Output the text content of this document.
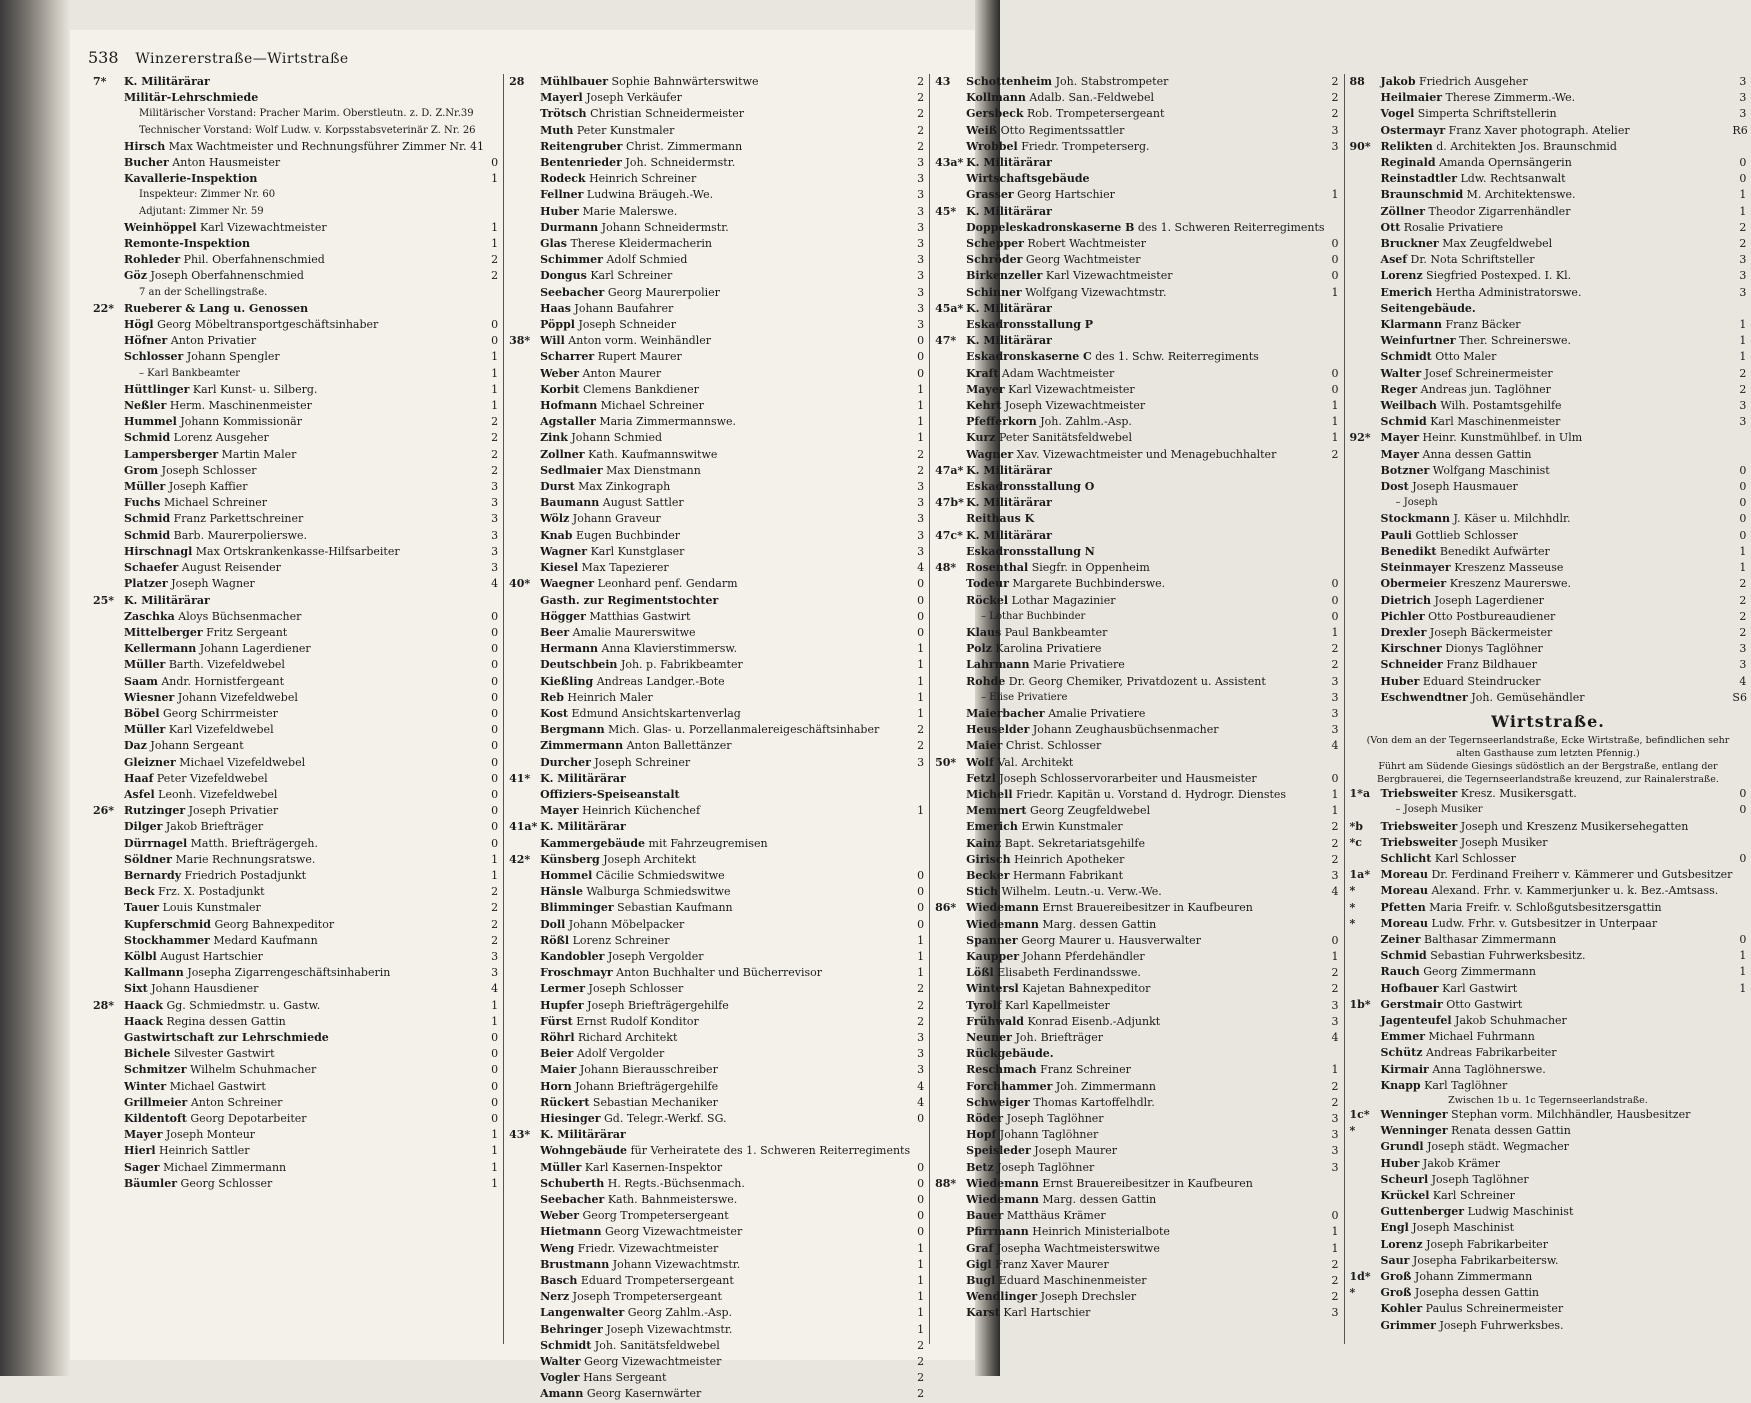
538 Winzererstraße—Wirtstraße
7*	K. Militärärar
Militär-Lehrschmiede
Militärischer Vorstand: Pracher Marim. Oberstleutn. z. D. Z.Nr.39
Technischer Vorstand: Wolf Ludw. v. Korpsstabsveterinär Z. Nr. 26
Hirsch Max Wachtmeister und Rechnungsführer Zimmer Nr. 41
Bucher Anton Hausmeister	0
Kavallerie-Inspektion	1
Inspekteur: Zimmer Nr. 60
Adjutant: Zimmer Nr. 59
Weinhöppel Karl Vizewachtmeister	1
Remonte-Inspektion	1
Rohleder Phil. Oberfahnenschmied	2
Göz Joseph Oberfahnenschmied	2
7 an der Schellingstraße.
22* Rueberer & Lang u. Genossen
Högl Georg Möbeltransportgeschäftsinhaber	0
Höfner Anton Privatier	0
Schlosser Johann Spengler	1
– Karl Bankbeamter	1
Hüttlinger Karl Kunst- u. Silberg.	1
Neßler Herm. Maschinenmeister	1
Hummel Johann Kommissionär	2
Schmid Lorenz Ausgeher	2
Lampersberger Martin Maler	2
Grom Joseph Schlosser	2
Müller Joseph Kaffier	3
Fuchs Michael Schreiner	3
Schmid Franz Parkettschreiner	3
Schmid Barb. Maurerpolierswe.	3
Hirschnagl Max Ortskrankenkasse-Hilfsarbeiter	3
Schaefer August Reisender	3
Platzer Joseph Wagner	4
25* K. Militärärar
Zaschka Aloys Büchsenmacher	0
Mittelberger Fritz Sergeant	0
Kellermann Johann Lagerdiener	0
Müller Barth. Vizefeldwebel	0
Saam Andr. Hornistfergeant	0
Wiesner Johann Vizefeldwebel	0
Böbel Georg Schirrmeister	0
Müller Karl Vizefeldwebel	0
Daz Johann Sergeant	0
Gleizner Michael Vizefeldwebel	0
Haaf Peter Vizefeldwebel	0
Asfel Leonh. Vizefeldwebel	0
26* Rutzinger Joseph Privatier	0
Dilger Jakob Briefträger	0
Dürrnagel Matth. Briefträgergeh.	0
Söldner Marie Rechnungsratswe.	1
Bernardy Friedrich Postadjunkt	1
Beck Frz. X. Postadjunkt	2
Tauer Louis Kunstmaler	2
Kupferschmid Georg Bahnexpeditor	2
Stockhammer Medard Kaufmann	2
Kölbl August Hartschier	3
Kallmann Josepha Zigarrengeschäftsinhaberin	3
Sixt Johann Hausdiener	4
28* Haack Gg. Schmiedmstr. u. Gastw.	1
Haack Regina dessen Gattin	1
Gastwirtschaft zur Lehrschmiede	0
Bichele Silvester Gastwirt	0
Schmitzer Wilhelm Schuhmacher	0
Winter Michael Gastwirt	0
Grillmeier Anton Schreiner	0
Kildentoft Georg Depotarbeiter	0
Mayer Joseph Monteur	1
Hierl Heinrich Sattler	1
Sager Michael Zimmermann	1
Bäumler Georg Schlosser	1
28	Mühlbauer Sophie Bahnwärterswitwe	2
Mayerl Joseph Verkäufer	2
Trötsch Christian Schneidermeister	2
Muth Peter Kunstmaler	2
Reitengruber Christ. Zimmermann	2
Bentenrieder Joh. Schneidermstr.	3
Rodeck Heinrich Schreiner	3
Fellner Ludwina Bräugeh.-We.	3
Huber Marie Malerswe.	3
Durmann Johann Schneidermstr.	3
Glas Therese Kleidermacherin	3
Schimmer Adolf Schmied	3
Dongus Karl Schreiner	3
Seebacher Georg Maurerpolier	3
Haas Johann Baufahrer	3
Pöppl Joseph Schneider	3
38* Will Anton vorm. Weinhändler	0
Scharrer Rupert Maurer	0
Weber Anton Maurer	0
Korbit Clemens Bankdiener	1
Hofmann Michael Schreiner	1
Agstaller Maria Zimmermannswe.	1
Zink Johann Schmied	1
Zollner Kath. Kaufmannswitwe	2
Sedlmaier Max Dienstmann	2
Durst Max Zinkograph	3
Baumann August Sattler	3
Wölz Johann Graveur	3
Knab Eugen Buchbinder	3
Wagner Karl Kunstglaser	3
Kiesel Max Tapezierer	4
40* Waegner Leonhard penf. Gendarm	0
Gasth. zur Regimentstochter	0
Högger Matthias Gastwirt	0
Beer Amalie Maurerswitwe	0
Hermann Anna Klavierstimmersw.	1
Deutschbein Joh. p. Fabrikbeamter	1
Kießling Andreas Landger.-Bote	1
Reb Heinrich Maler	1
Kost Edmund Ansichtskartenverlag	1
Bergmann Mich. Glas- u. Porzellanmalereigeschäftsinhaber	2
Zimmermann Anton Ballettänzer	2
Durcher Joseph Schreiner	3
41* K. Militärärar
Offiziers-Speiseanstalt
Mayer Heinrich Küchenchef	1
41a* K. Militärärar
Kammergebäude mit Fahrzeugremisen
42* Künsberg Joseph Architekt
Hommel Cäcilie Schmiedswitwe	0
Hänsle Walburga Schmiedswitwe	0
Blimminger Sebastian Kaufmann	0
Doll Johann Möbelpacker	0
Rößl Lorenz Schreiner	1
Kandobler Joseph Vergolder	1
Froschmayr Anton Buchhalter und Bücherrevisor	1
Lermer Joseph Schlosser	2
Hupfer Joseph Briefträgergehilfe	2
Fürst Ernst Rudolf Konditor	2
Röhrl Richard Architekt	3
Beier Adolf Vergolder	3
Maier Johann Bierausschreiber	3
Horn Johann Briefträgergehilfe	4
Rückert Sebastian Mechaniker	4
Hiesinger Gd. Telegr.-Werkf. SG.	0
43* K. Militärärar
Wohngebäude für Verheiratete des 1. Schweren Reiterregiments
Müller Karl Kasernen-Inspektor	0
Schuberth H. Regts.-Büchsenmach.	0
Seebacher Kath. Bahnmeisterswe.	0
Weber Georg Trompetersergeant	0
Hietmann Georg Vizewachtmeister	0
Weng Friedr. Vizewachtmeister	1
Brustmann Johann Vizewachtmstr.	1
Basch Eduard Trompetersergeant	1
Nerz Joseph Trompetersergeant	1
Langenwalter Georg Zahlm.-Asp.	1
Behringer Joseph Vizewachtmstr.	1
Schmidt Joh. Sanitätsfeldwebel	2
Walter Georg Vizewachtmeister	2
Vogler Hans Sergeant	2
Amann Georg Kasernwärter	2
43	Schottenheim Joh. Stabstrompeter	2
Kollmann Adalb. San.-Feldwebel	2
Gersbeck Rob. Trompetersergeant	2
Weiß Otto Regimentssattler	3
Wrobbel Friedr. Trompeterserg.	3
43a* K. Militärärar
Wirtschaftsgebäude
Grasser Georg Hartschier	1
45* K. Militärärar
Doppeleskadronskaserne B des 1. Schweren Reiterregiments
Schepper Robert Wachtmeister	0
Schröder Georg Wachtmeister	0
Birkenzeller Karl Vizewachtmeister	0
Schinner Wolfgang Vizewachtmstr.	1
45a* K. Militärärar
Eskadronsstallung P
47* K. Militärärar
Eskadronskaserne C des 1. Schw. Reiterregiments
Kraft Adam Wachtmeister	0
Mayer Karl Vizewachtmeister	0
Kehrt Joseph Vizewachtmeister	1
Pfefferkorn Joh. Zahlm.-Asp.	1
Kurz Peter Sanitätsfeldwebel	1
Wagner Xav. Vizewachtmeister und Menagebuchhalter	2
47a* K. Militärärar
Eskadronsstallung O
47b* K. Militärärar
Reithaus K
47c* K. Militärärar
Eskadronsstallung N
48* Rosenthal Siegfr. in Oppenheim
Todeur Margarete Buchbinderswe.	0
Röckel Lothar Magazinier	0
– Lothar Buchbinder	0
Klaus Paul Bankbeamter	1
Polz Karolina Privatiere	2
Lahrmann Marie Privatiere	2
Rohde Dr. Georg Chemiker, Privatdozent u. Assistent	3
– Elise Privatiere	3
Maierbacher Amalie Privatiere	3
Heuselder Johann Zeughausbüchsenmacher	3
Maier Christ. Schlosser	4
50* Wolf Val. Architekt
Fetzl Joseph Schlosservorarbeiter und Hausmeister	0
Michell Friedr. Kapitän u. Vorstand d. Hydrogr. Dienstes	1
Memmert Georg Zeugfeldwebel	1
Emerich Erwin Kunstmaler	2
Kainz Bapt. Sekretariatsgehilfe	2
Girisch Heinrich Apotheker	2
Becker Hermann Fabrikant	3
Stich Wilhelm. Leutn.-u. Verw.-We.	4
86* Wiedemann Ernst Brauereibesitzer in Kaufbeuren
Wiedemann Marg. dessen Gattin
Spanner Georg Maurer u. Hausverwalter	0
Kaupper Johann Pferdehändler	1
Lößl Elisabeth Ferdinandsswe.	2
Wintersl Kajetan Bahnexpeditor	2
Tyrolf Karl Kapellmeister	3
Frühwald Konrad Eisenb.-Adjunkt	3
Neuner Joh. Briefträger	4
Rückgebäude.
Reschmach Franz Schreiner	1
Forchhammer Joh. Zimmermann	2
Schweiger Thomas Kartoffelhdlr.	2
Röder Joseph Taglöhner	3
Hopf Johann Taglöhner	3
Speisleder Joseph Maurer	3
Betz Joseph Taglöhner	3
88* Wiedemann Ernst Brauereibesitzer in Kaufbeuren
Wiedemann Marg. dessen Gattin
Bauer Matthäus Krämer	0
Pfirrmann Heinrich Ministerialbote	1
Graf Josepha Wachtmeisterswitwe	1
Gigl Franz Xaver Maurer	2
Bugl Eduard Maschinenmeister	2
Wendlinger Joseph Drechsler	2
Karst Karl Hartschier	3
88	Jakob Friedrich Ausgeher	3
Heilmaier Therese Zimmerm.-We.	3
Vogel Simperta Schriftstellerin	3
Ostermayr Franz Xaver photograph. Atelier	R6
90* Relikten d. Architekten Jos. Braunschmid
Reginald Amanda Opernsängerin	0
Reinstadtler Ldw. Rechtsanwalt	0
Braunschmid M. Architektenswe.	1
Zöllner Theodor Zigarrenhändler	1
Ott Rosalie Privatiere	2
Bruckner Max Zeugfeldwebel	2
Asef Dr. Nota Schriftsteller	3
Lorenz Siegfried Postexped. I. Kl.	3
Emerich Hertha Administratorswe.	3
Seitengebäude.
Klarmann Franz Bäcker	1
Weinfurtner Ther. Schreinerswe.	1
Schmidt Otto Maler	1
Walter Josef Schreinermeister	2
Reger Andreas jun. Taglöhner	2
Weilbach Wilh. Postamtsgehilfe	3
Schmid Karl Maschinenmeister	3
92* Mayer Heinr. Kunstmühlbef. in Ulm
Mayer Anna dessen Gattin
Botzner Wolfgang Maschinist	0
Dost Joseph Hausmauer	0
– Joseph	0
Stockmann J. Käser u. Milchhdlr.	0
Pauli Gottlieb Schlosser	0
Benedikt Benedikt Aufwärter	1
Steinmayer Kreszenz Masseuse	1
Obermeier Kreszenz Maurerswe.	2
Dietrich Joseph Lagerdiener	2
Pichler Otto Postbureaudiener	2
Drexler Joseph Bäckermeister	2
Kirschner Dionys Taglöhner	3
Schneider Franz Bildhauer	3
Huber Eduard Steindrucker	4
Eschwendtner Joh. Gemüsehändler	S6
Wirtstraße.
(Von dem an der Tegernseerlandstraße, Ecke Wirtstraße, befindlichen sehr alten Gasthause zum letzten Pfennig.)
Führt am Südende Giesings südöstlich an der Bergstraße, entlang der Bergbrauerei, die Tegernseerlandstraße kreuzend, zur Rainalerstraße.
1*a Triebsweiter Kresz. Musikersgatt.	0
– Joseph Musiker	0
*b	Triebsweiter Joseph und Kreszenz Musikersehegatten
*c	Triebsweiter Joseph Musiker
Schlicht Karl Schlosser	0
1a* Moreau Dr. Ferdinand Freiherr v. Kämmerer und Gutsbesitzer
*	Moreau Alexand. Frhr. v. Kammerjunker u. k. Bez.-Amtsass.
*	Pfetten Maria Freifr. v. Schloßgutsbesitzersgattin
*	Moreau Ludw. Frhr. v. Gutsbesitzer in Unterpaar
Zeiner Balthasar Zimmermann	0
Schmid Sebastian Fuhrwerksbesitz.	1
Rauch Georg Zimmermann	1
Hofbauer Karl Gastwirt	1
1b* Gerstmair Otto Gastwirt
Jagenteufel Jakob Schuhmacher
Emmer Michael Fuhrmann
Schütz Andreas Fabrikarbeiter
Kirmair Anna Taglöhnerswe.
Knapp Karl Taglöhner
Zwischen 1b u. 1c Tegernseerlandstraße.
1c* Wenninger Stephan vorm. Milchhändler, Hausbesitzer
*	Wenninger Renata dessen Gattin
Grundl Joseph städt. Wegmacher
Huber Jakob Krämer
Scheurl Joseph Taglöhner
Krückel Karl Schreiner
Guttenberger Ludwig Maschinist
Engl Joseph Maschinist
Lorenz Joseph Fabrikarbeiter
Saur Josepha Fabrikarbeitersw.
1d* Groß Johann Zimmermann
*	Groß Josepha dessen Gattin
Kohler Paulus Schreinermeister
Grimmer Joseph Fuhrwerksbes.
